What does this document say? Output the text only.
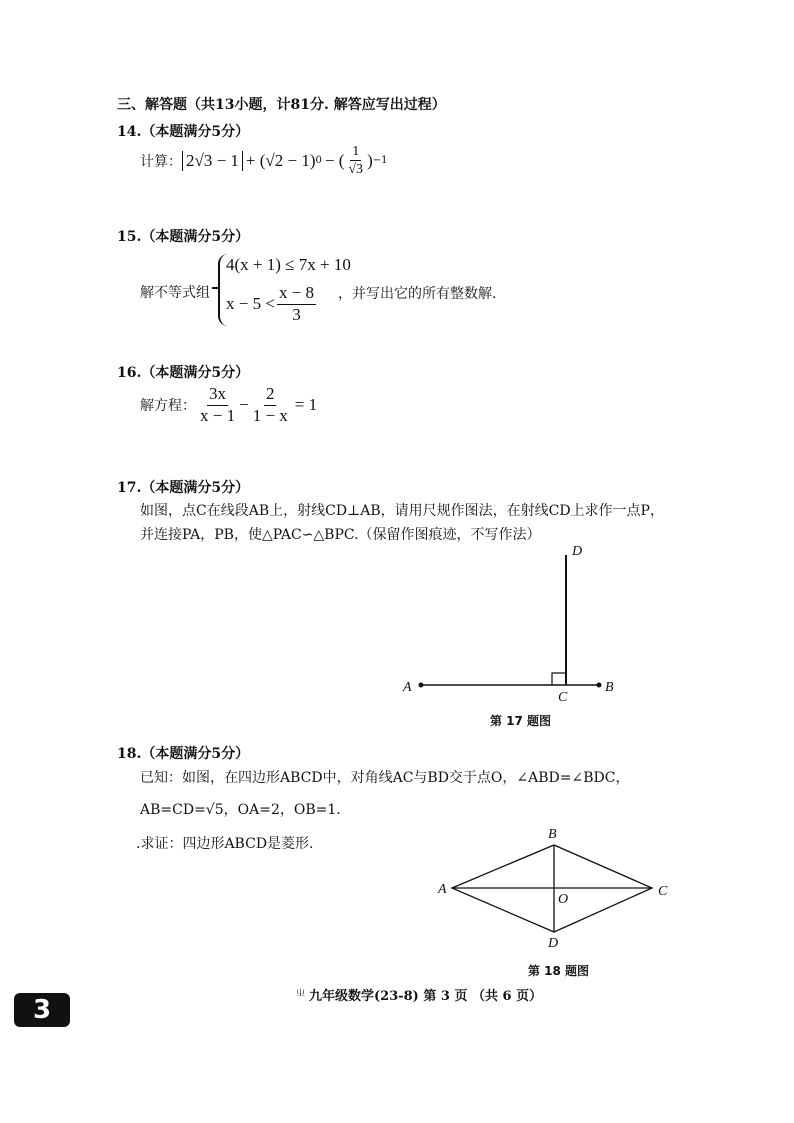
三、解答题（共13小题，计81分. 解答应写出过程）
14.（本题满分5分）
计算： 2√3 − 1 + (√2 − 1) 0 − ( $\frac{1}{√3}$ ) −1
15.（本题满分5分）
解不等式组
4(x + 1) ≤ 7x + 10
$x - 5 < \frac{x - 8}{3}$ ，并写出它的所有整数解.
16.（本题满分5分）
解方程： $\frac{3x}{x - 1} - \frac{2}{1 - x} = 1$
17.（本题满分5分）
如图，点C在线段AB上，射线CD⊥AB，请用尺规作图法，在射线CD上求作一点P，
并连接PA，PB，使△PAC∽△BPC.（保留作图痕迹，不写作法）
A	B
C
D
A
B
C
D
O
第 17 题图
18.（本题满分5分）
已知：如图，在四边形ABCD中，对角线AC与BD交于点O，∠ABD=∠BDC，
AB=CD=√5，OA=2，OB=1.
.求证：四边形ABCD是菱形.
第 18 题图
㞢 九年级数学(23-8) 第 3 页 （共 6 页）
3
